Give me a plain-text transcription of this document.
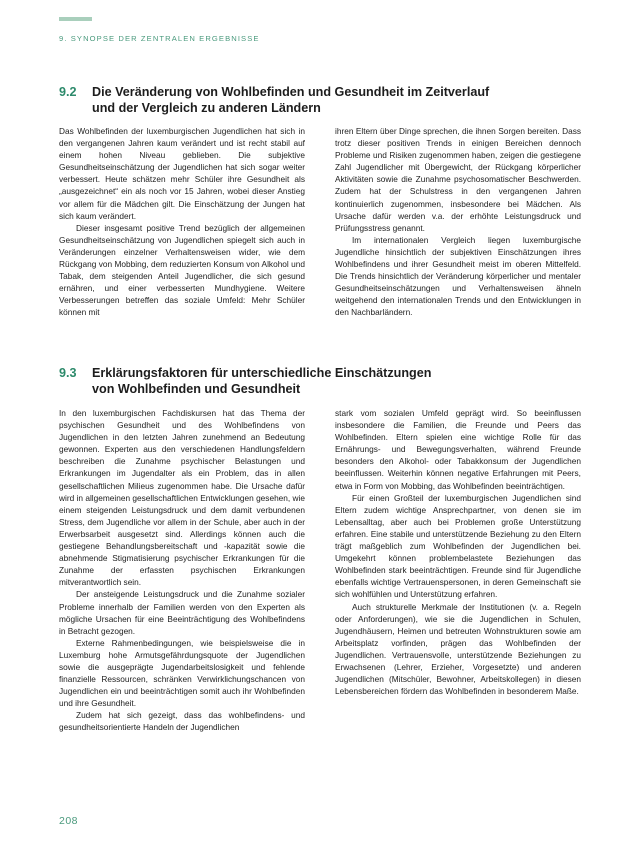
9. SYNOPSE DER ZENTRALEN ERGEBNISSE
9.2	Die Veränderung von Wohlbefinden und Gesundheit im Zeitverlauf
und der Vergleich zu anderen Ländern

Das Wohlbefinden der luxemburgischen Jugendlichen hat sich in den vergangenen Jahren kaum verändert und ist recht stabil auf einem hohen Niveau geblieben. Die subjektive Gesundheitseinschätzung der Jugendlichen hat sich sogar weiter verbessert. Heute schätzen mehr Schüler ihre Gesundheit als „ausgezeichnet“ ein als noch vor 15 Jahren, wobei dieser Anstieg vor allem für die Mädchen gilt. Die Einschätzung der Jungen hat sich kaum verändert.

Dieser insgesamt positive Trend bezüglich der allgemeinen Gesundheitseinschätzung von Jugendlichen spiegelt sich auch in Veränderungen einzelner Verhaltensweisen wider, wie dem Rückgang von Mobbing, dem reduzierten Konsum von Alkohol und Tabak, dem steigenden Anteil Jugendlicher, die sich gesund ernähren, und einer verbesserten Mundhygiene. Weitere Verbesserungen betreffen das soziale Umfeld: Mehr Schüler können mit

ihren Eltern über Dinge sprechen, die ihnen Sorgen bereiten. Dass trotz dieser positiven Trends in einigen Bereichen dennoch Probleme und Risiken zugenommen haben, zeigen die gestiegene Zahl Jugendlicher mit Übergewicht, der Rückgang körperlicher Aktivitäten sowie die Zunahme psychosomatischer Beschwerden. Zudem hat der Schulstress in den vergangenen Jahren kontinuierlich zugenommen, insbesondere bei Mädchen. Als Ursache dafür werden v.a. der erhöhte Leistungsdruck und Prüfungsstress genannt.

Im internationalen Vergleich liegen luxemburgische Jugendliche hinsichtlich der subjektiven Einschätzungen ihres Wohlbefindens und ihrer Gesundheit meist im oberen Mittelfeld. Die Trends hinsichtlich der Veränderung körperlicher und mentaler Gesundheitseinschätzungen und Verhaltensweisen ähneln weitgehend den internationalen Trends und den Entwicklungen in den Nachbarländern.

9.3	Erklärungsfaktoren für unterschiedliche Einschätzungen
von Wohlbefinden und Gesundheit

In den luxemburgischen Fachdiskursen hat das Thema der psychischen Gesundheit und des Wohlbefindens von Jugendlichen in den letzten Jahren zunehmend an Bedeutung gewonnen. Experten aus den verschiedenen Handlungsfeldern beschreiben die Zunahme psychischer Belastungen und Erkrankungen im Jugendalter als ein Problem, das in allen gesellschaftlichen Milieus zugenommen habe. Die Ursache dafür wird in allgemeinen gesellschaftlichen Entwicklungen gesehen, wie einem steigenden Leistungsdruck und dem damit verbundenen Stress, dem Jugendliche vor allem in der Schule, aber auch in der Erwerbsarbeit ausgesetzt sind. Allerdings können auch die gestiegene Behandlungsbereitschaft und -kapazität sowie die abnehmende Stigmatisierung psychischer Erkrankungen für die Zunahme der erfassten psychischen Erkrankungen mitverantwortlich sein.

Der ansteigende Leistungsdruck und die Zunahme sozialer Probleme innerhalb der Familien werden von den Experten als mögliche Ursachen für eine Beeinträchtigung des Wohlbefindens in Betracht gezogen.

Externe Rahmenbedingungen, wie beispielsweise die in Luxemburg hohe Armutsgefährdungsquote der Jugendlichen sowie die ausgeprägte Jugendarbeitslosigkeit und fehlende finanzielle Ressourcen, schränken Verwirklichungschancen von Jugendlichen ein und beeinträchtigen somit auch ihr Wohlbefinden und ihre Gesundheit.

Zudem hat sich gezeigt, dass das wohlbefindens- und gesundheitsorientierte Handeln der Jugendlichen

stark vom sozialen Umfeld geprägt wird. So beeinflussen insbesondere die Familien, die Freunde und Peers das Wohlbefinden. Eltern spielen eine wichtige Rolle für das Ernährungs- und Bewegungsverhalten, während Freunde besonders den Alkohol- oder Tabakkonsum der Jugendlichen beeinflussen. Weiterhin können negative Erfahrungen mit Peers, etwa in Form von Mobbing, das Wohlbefinden beeinträchtigen.

Für einen Großteil der luxemburgischen Jugendlichen sind Eltern zudem wichtige Ansprechpartner, von denen sie im Lebensalltag, aber auch bei Problemen große Unterstützung erfahren. Eine stabile und unterstützende Beziehung zu den Eltern trägt maßgeblich zum Wohlbefinden der Jugendlichen bei. Umgekehrt können problembelastete Beziehungen das Wohlbefinden stark beeinträchtigen. Freunde sind für Jugendliche ebenfalls wichtige Vertrauenspersonen, in deren Gemeinschaft sie sich wohlfühlen und Unterstützung erfahren.

Auch strukturelle Merkmale der Institutionen (v. a. Regeln oder Anforderungen), wie sie die Jugendlichen in Schulen, Jugendhäusern, Heimen und betreuten Wohnstrukturen sowie am Arbeitsplatz vorfinden, prägen das Wohlbefinden der Jugendlichen. Vertrauensvolle, unterstützende Beziehungen zu Erwachsenen (Lehrer, Erzieher, Vorgesetzte) und anderen Jugendlichen (Mitschüler, Bewohner, Arbeitskollegen) in diesen Lebensbereichen fördern das Wohlbefinden in besonderem Maße.

208
